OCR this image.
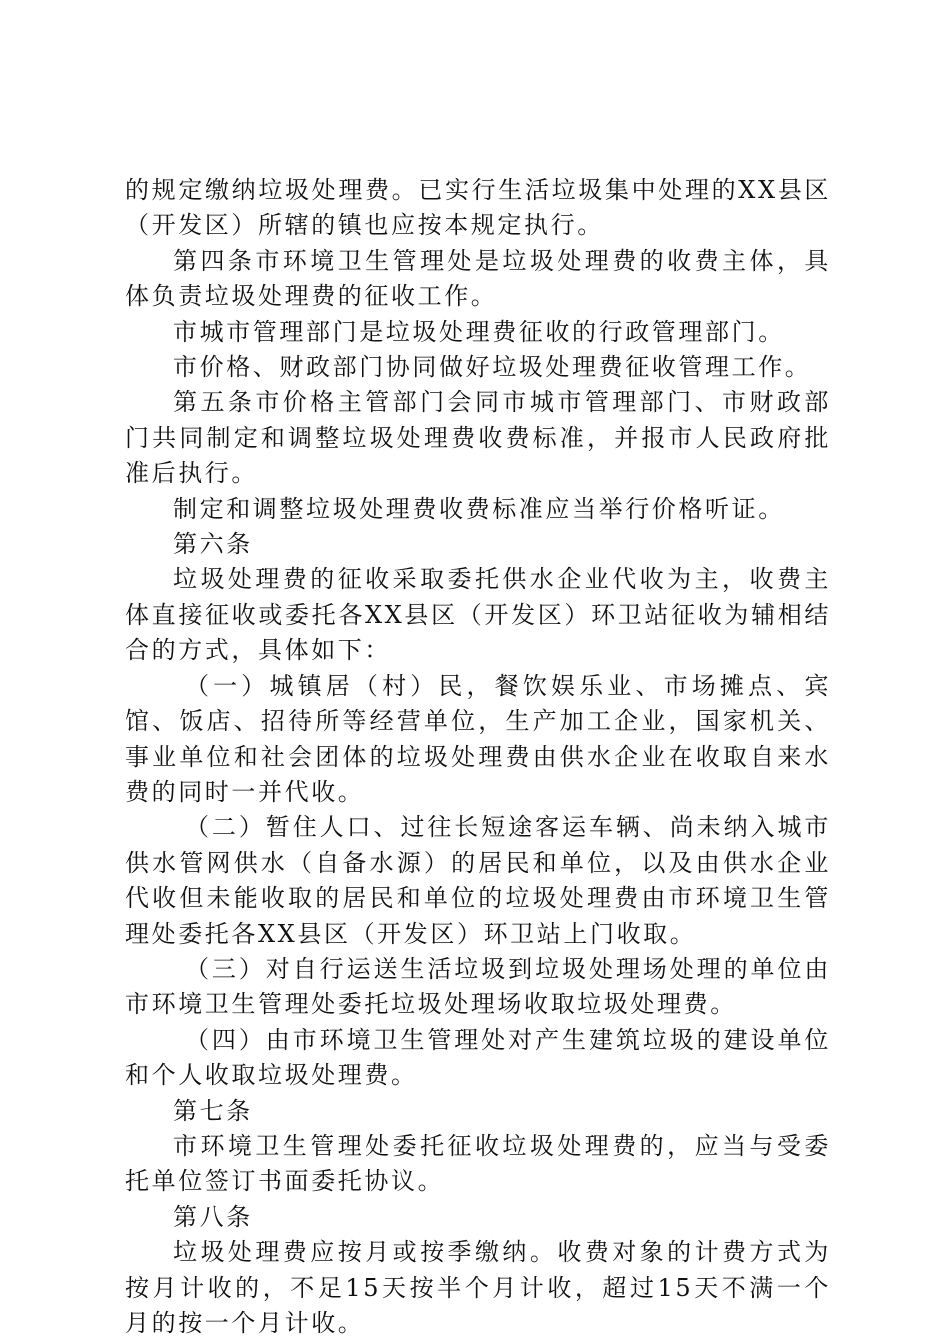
的规定缴纳垃圾处理费。已实行生活垃圾集中处理的XX县区（开发区）所辖的镇也应按本规定执行。

第四条市环境卫生管理处是垃圾处理费的收费主体，具体负责垃圾处理费的征收工作。

市城市管理部门是垃圾处理费征收的行政管理部门。

市价格、财政部门协同做好垃圾处理费征收管理工作。

第五条市价格主管部门会同市城市管理部门、市财政部门共同制定和调整垃圾处理费收费标准，并报市人民政府批准后执行。

制定和调整垃圾处理费收费标准应当举行价格听证。

第六条

垃圾处理费的征收采取委托供水企业代收为主，收费主体直接征收或委托各XX县区（开发区）环卫站征收为辅相结合的方式，具体如下：

（一）城镇居（村）民，餐饮娱乐业、市场摊点、宾馆、饭店、招待所等经营单位，生产加工企业，国家机关、事业单位和社会团体的垃圾处理费由供水企业在收取自来水费的同时一并代收。

（二）暂住人口、过往长短途客运车辆、尚未纳入城市供水管网供水（自备水源）的居民和单位，以及由供水企业代收但未能收取的居民和单位的垃圾处理费由市环境卫生管理处委托各XX县区（开发区）环卫站上门收取。

（三）对自行运送生活垃圾到垃圾处理场处理的单位由市环境卫生管理处委托垃圾处理场收取垃圾处理费。

（四）由市环境卫生管理处对产生建筑垃圾的建设单位和个人收取垃圾处理费。

第七条

市环境卫生管理处委托征收垃圾处理费的，应当与受委托单位签订书面委托协议。

第八条

垃圾处理费应按月或按季缴纳。收费对象的计费方式为按月计收的，不足15天按半个月计收，超过15天不满一个月的按一个月计收。
